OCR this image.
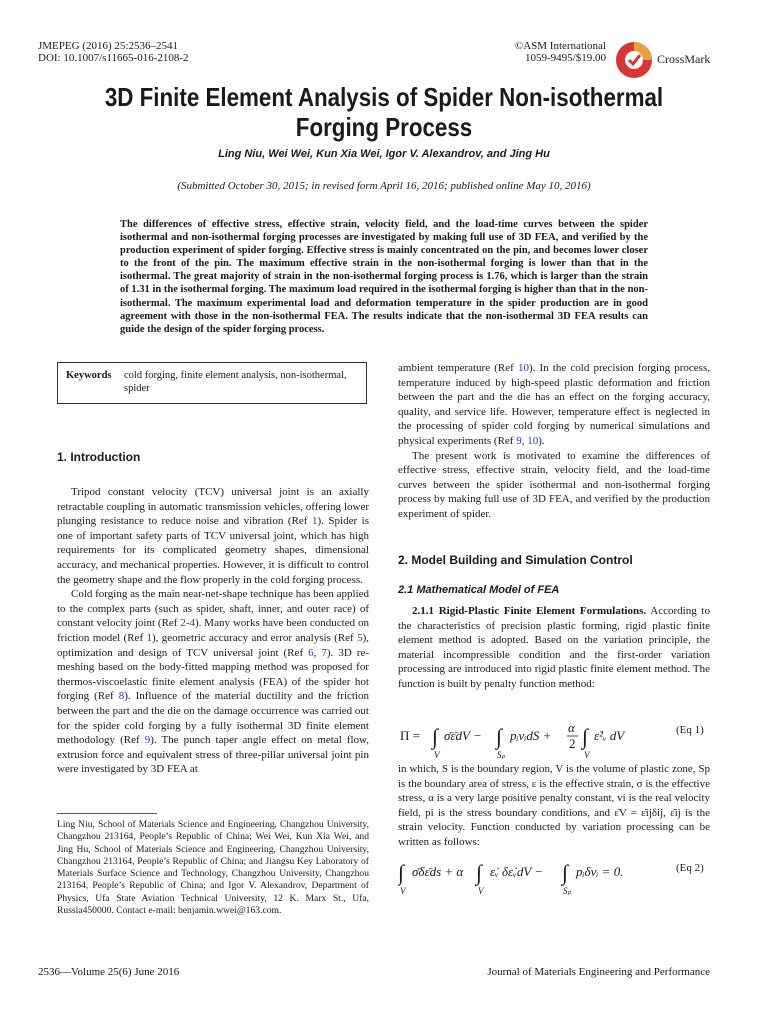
JMEPEG (2016) 25:2536–2541
DOI: 10.1007/s11665-016-2108-2
©ASM International
1059-9495/$19.00	CrossMark
3D Finite Element Analysis of Spider Non-isothermal
Forging Process
Ling Niu, Wei Wei, Kun Xia Wei, Igor V. Alexandrov, and Jing Hu
(Submitted October 30, 2015; in revised form April 16, 2016; published online May 10, 2016)
The differences of effective stress, effective strain, velocity field, and the load-time curves between the spider isothermal and non-isothermal forging processes are investigated by making full use of 3D FEA, and verified by the production experiment of spider forging. Effective stress is mainly concentrated on the pin, and becomes lower closer to the front of the pin. The maximum effective strain in the non-isothermal forging is lower than that in the isothermal. The great majority of strain in the non-isothermal forging process is 1.76, which is larger than the strain of 1.31 in the isothermal forging. The maximum load required in the isothermal forging is higher than that in the non-isothermal. The maximum experimental load and deformation temperature in the spider production are in good agreement with those in the non-isothermal FEA. The results indicate that the non-isothermal 3D FEA results can guide the design of the spider forging process.
Keywords cold forging, finite element analysis, non-isothermal, spider
1. Introduction

Tripod constant velocity (TCV) universal joint is an axially retractable coupling in automatic transmission vehicles, offering lower plunging resistance to reduce noise and vibration (Ref 1). Spider is one of important safety parts of TCV universal joint, which has high requirements for its complicated geometry shapes, dimensional accuracy, and mechanical properties. However, it is difficult to control the geometry shape and the flow properly in the cold forging process.

Cold forging as the main near-net-shape technique has been applied to the complex parts (such as spider, shaft, inner, and outer race) of constant velocity joint (Ref 2-4). Many works have been conducted on friction model (Ref 1), geometric accuracy and error analysis (Ref 5), optimization and design of TCV universal joint (Ref 6, 7). 3D re-meshing based on the body-fitted mapping method was proposed for thermos-viscoelastic finite element analysis (FEA) of the spider hot forging (Ref 8). Influence of the material ductility and the friction between the part and the die on the damage occurrence was carried out for the spider cold forging by a fully isothermal 3D finite element methodology (Ref 9). The punch taper angle effect on metal flow, extrusion force and equivalent stress of three-pillar universal joint pin were investigated by 3D FEA at

Ling Niu, School of Materials Science and Engineering, Changzhou University, Changzhou 213164, People’s Republic of China; Wei Wei, Kun Xia Wei, and Jing Hu, School of Materials Science and Engineering, Changzhou University, Changzhou 213164, People’s Republic of China; and Jiangsu Key Laboratory of Materials Surface Science and Technology, Changzhou University, Changzhou 213164, People’s Republic of China; and Igor V. Alexandrov, Department of Physics, Ufa State Aviation Technical University, 12 K. Marx St., Ufa, Russia450000. Contact e-mail: benjamin.wwei@163.com.

ambient temperature (Ref 10). In the cold precision forging process, temperature induced by high-speed plastic deformation and friction between the part and the die has an effect on the forging accuracy, quality, and service life. However, temperature effect is neglected in the processing of spider cold forging by numerical simulations and physical experiments (Ref 9, 10).

The present work is motivated to examine the differences of effective stress, effective strain, velocity field, and the load-time curves between the spider isothermal and non-isothermal forging process by making full use of 3D FEA, and verified by the production experiment of spider.

2. Model Building and Simulation Control
2.1 Mathematical Model of FEA

2.1.1 Rigid-Plastic Finite Element Formulations. According to the characteristics of precision plastic forming, rigid plastic finite element method is adopted. Based on the variation principle, the material incompressible condition and the first-order variation processing are introduced into rigid plastic finite element method. The function is built by penalty function method:

Π = ∫
V
σ̄ε̄dV − ∫
Sₚ
pᵢvᵢdS +
α
2 ∫
V
ε̇²ᵥ dV	(Eq 1)

in which, S is the boundary region, V is the volume of plastic zone, Sp is the boundary area of stress, ε is the effective strain, σ is the effective stress, α is a very large positive penalty constant, vi is the real velocity field, pi is the stress boundary conditions, and ε̇V = ε̇ijδij, ε̇ij is the strain velocity. Function conducted by variation processing can be written as follows:

∫
V
σ̄δε̄ds + α ∫
V
ε̇ᵥ δε̇ᵥdV − ∫
Sₚ
pᵢδvᵢ = 0.	(Eq 2)
2536—Volume 25(6) June 2016	Journal of Materials Engineering and Performance
